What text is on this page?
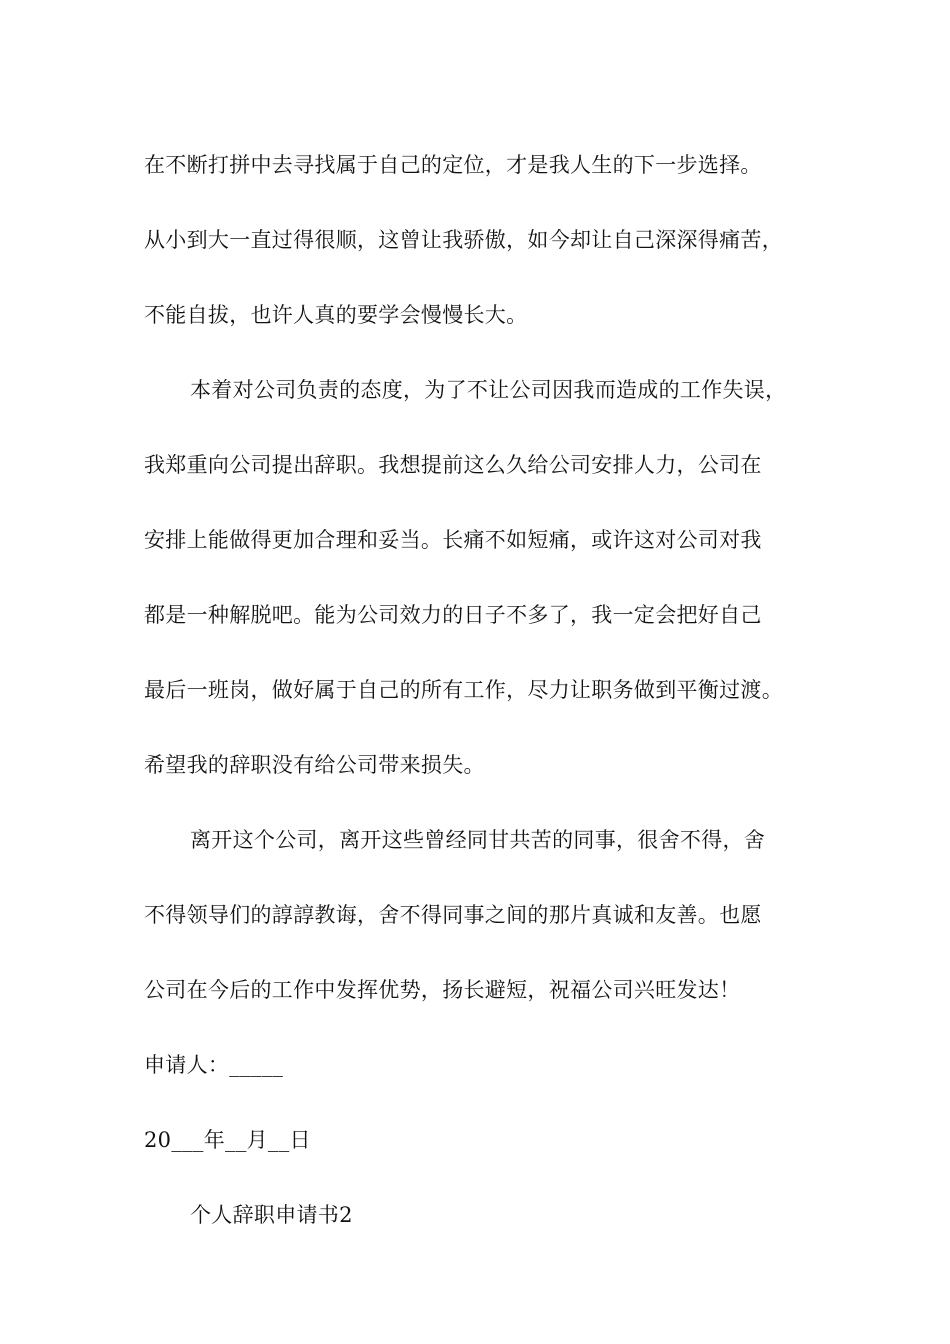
在不断打拼中去寻找属于自己的定位，才是我人生的下一步选择。
从小到大一直过得很顺，这曾让我骄傲，如今却让自己深深得痛苦，
不能自拔，也许人真的要学会慢慢长大。
本着对公司负责的态度，为了不让公司因我而造成的工作失误，
我郑重向公司提出辞职。我想提前这么久给公司安排人力，公司在
安排上能做得更加合理和妥当。长痛不如短痛，或许这对公司对我
都是一种解脱吧。能为公司效力的日子不多了，我一定会把好自己
最后一班岗，做好属于自己的所有工作，尽力让职务做到平衡过渡。
希望我的辞职没有给公司带来损失。
离开这个公司，离开这些曾经同甘共苦的同事，很舍不得，舍
不得领导们的諄諄教诲，舍不得同事之间的那片真诚和友善。也愿
公司在今后的工作中发挥优势，扬长避短，祝福公司兴旺发达！
申请人：_____
20___年__月__日
个人辞职申请书2
